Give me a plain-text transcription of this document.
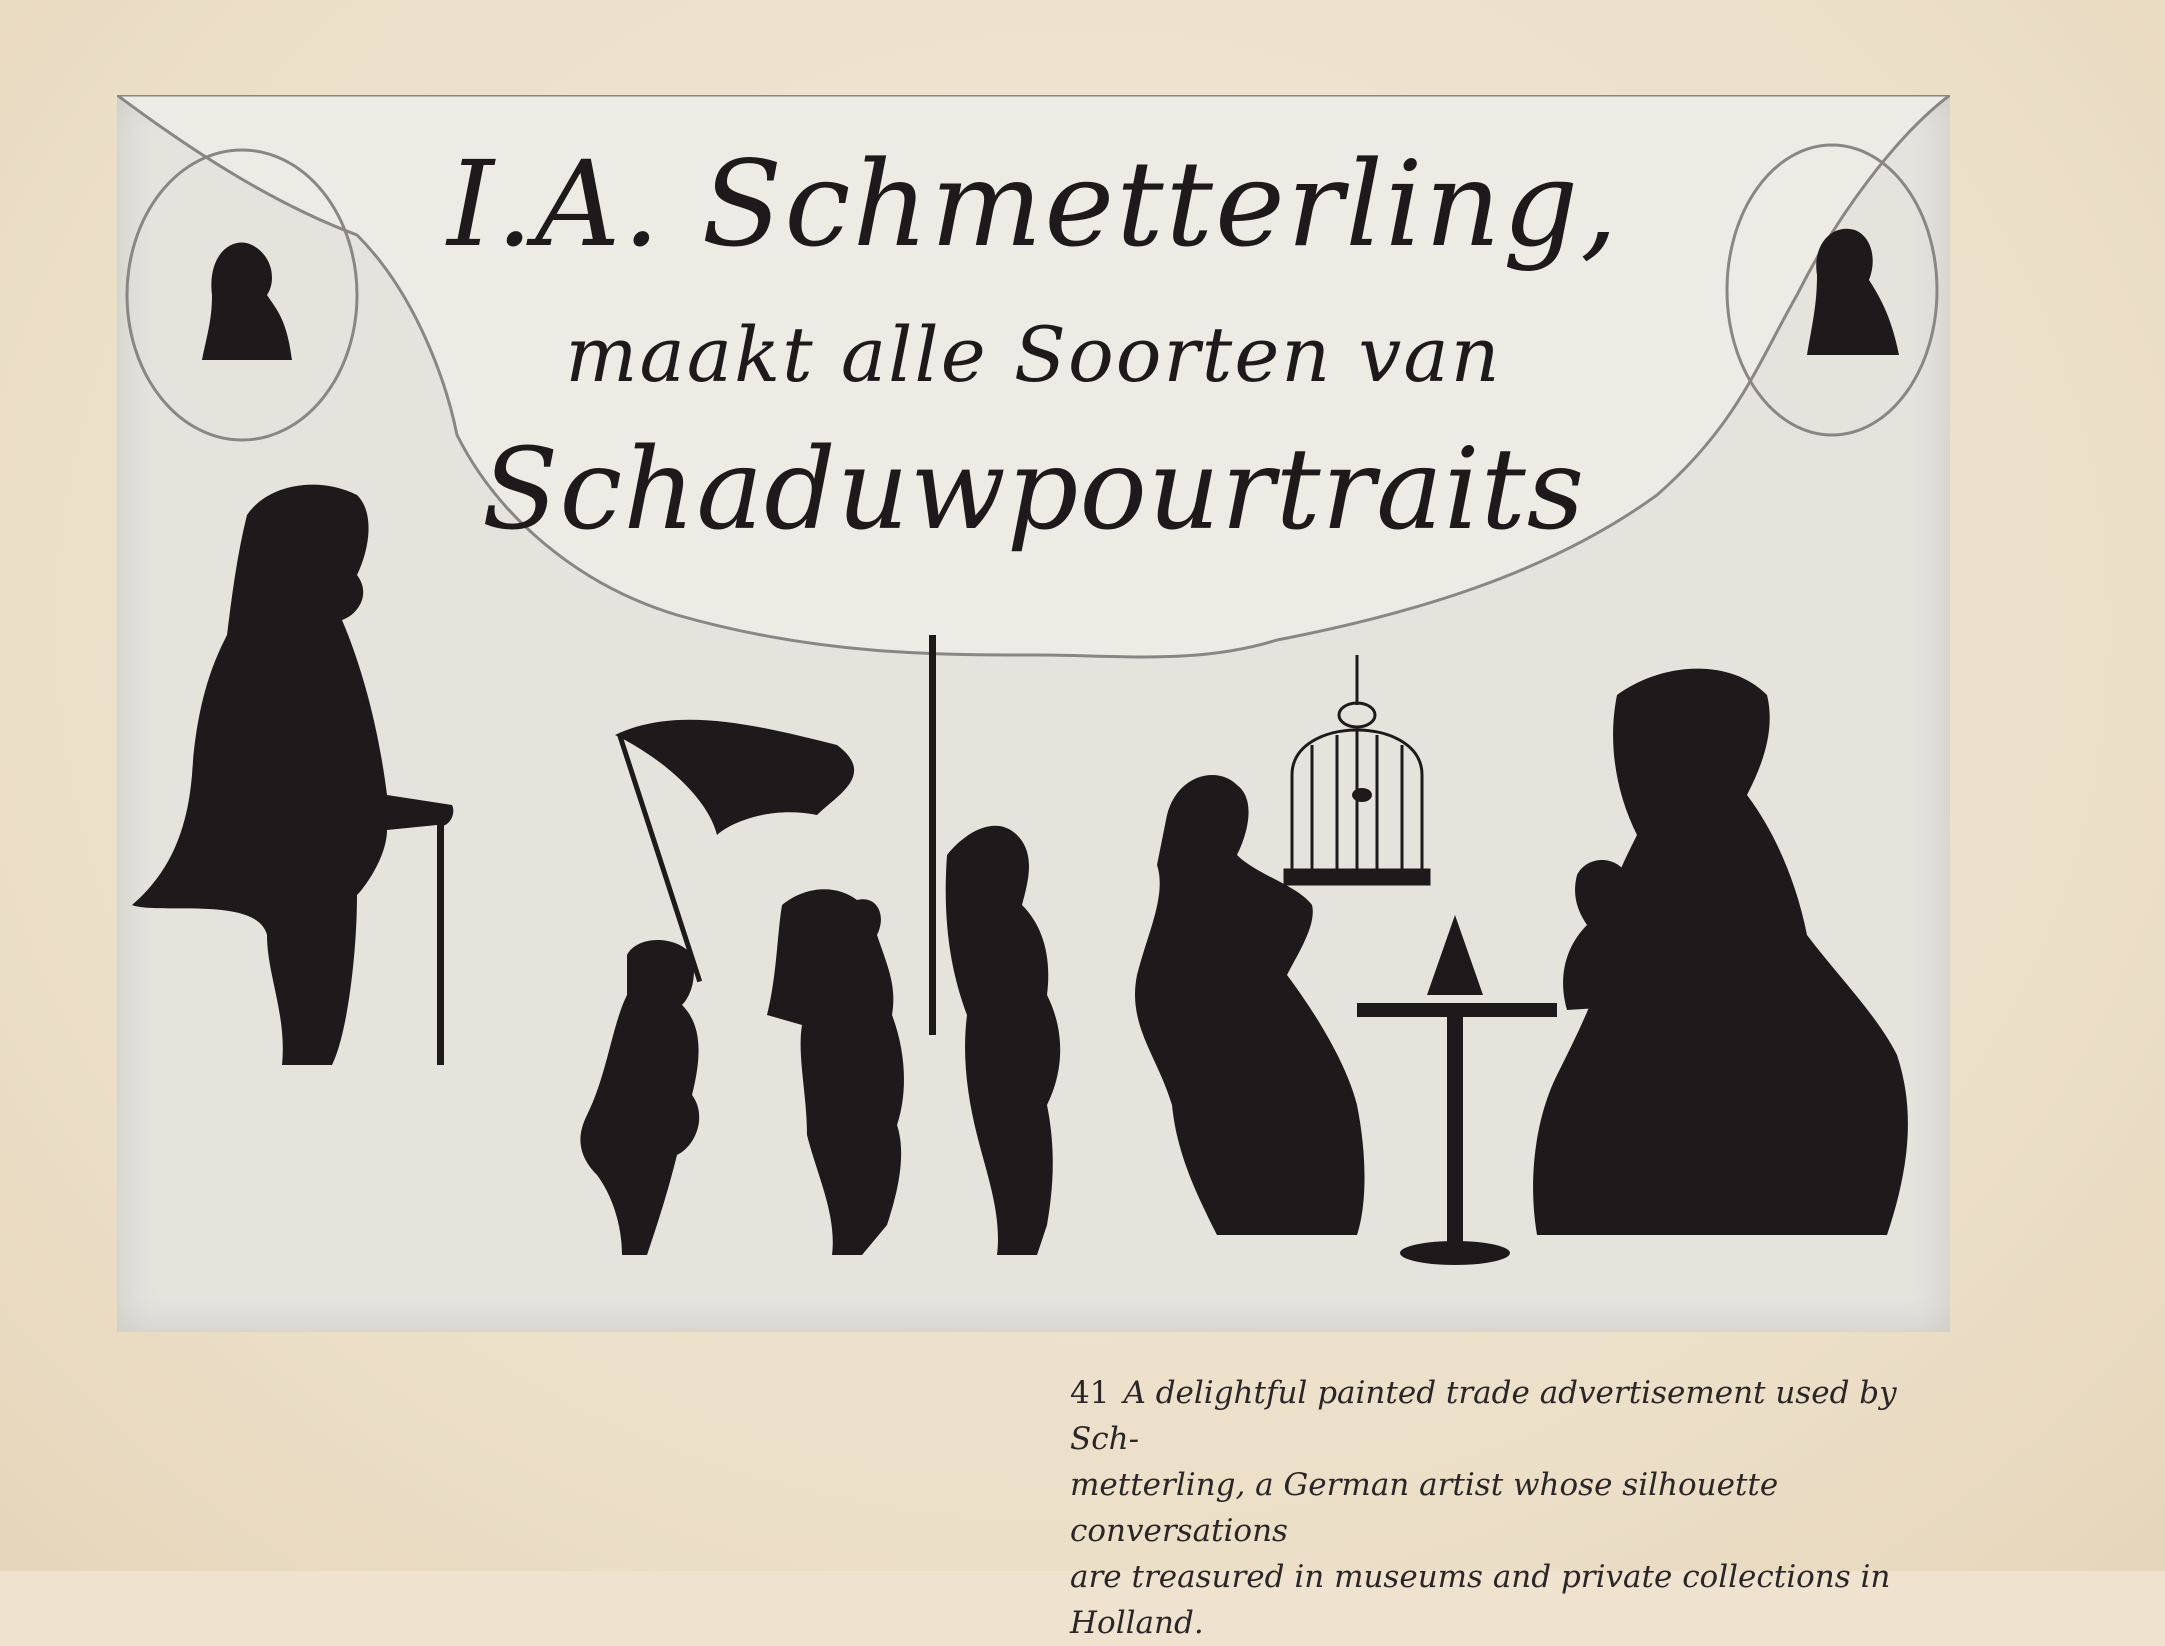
I.A. Schmetterling,
maakt alle Soorten van
Schaduwpourtraits
41 A delightful painted trade advertisement used by Sch-
metterling, a German artist whose silhouette conversations
are treasured in museums and private collections in Holland.
